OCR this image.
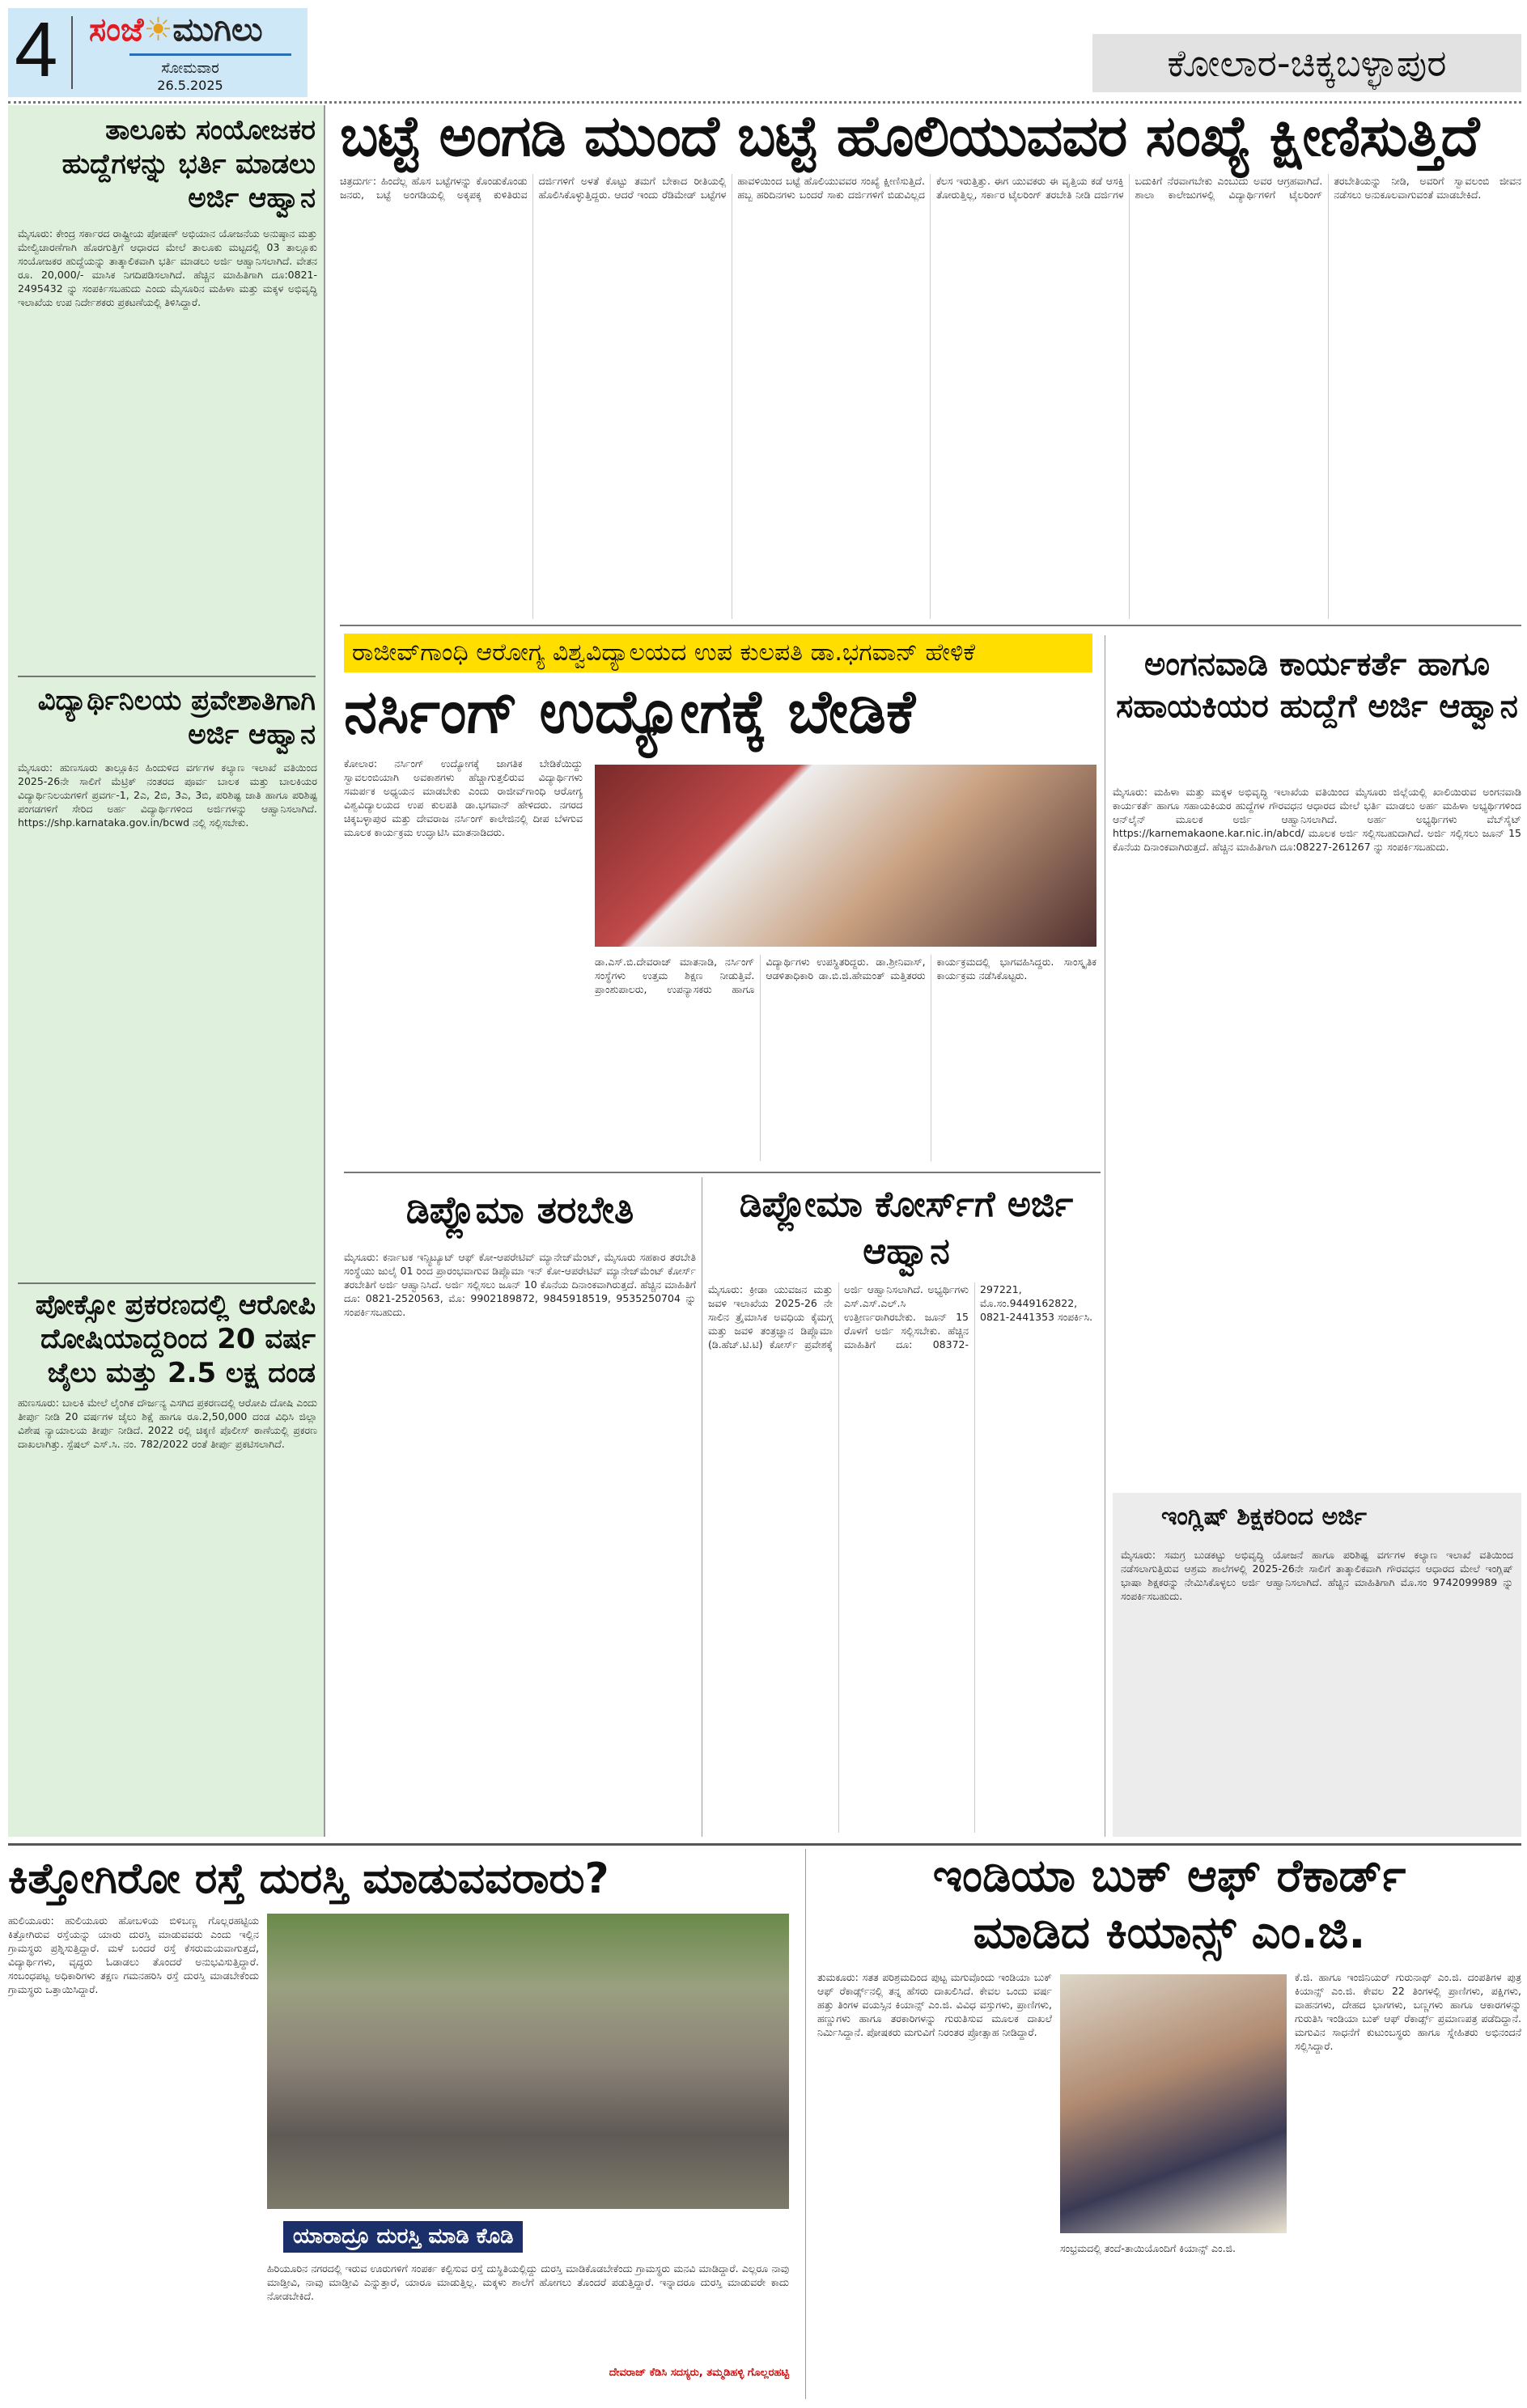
4 ಸಂಜೆ☀ಮುಗಿಲು
ಸೋಮವಾರ
26.5.2025
ಕೋಲಾರ-ಚಿಕ್ಕಬಳ್ಳಾಪುರ
ತಾಲೂಕು ಸಂಯೋಜಕರ ಹುದ್ದೆಗಳನ್ನು ಭರ್ತಿ ಮಾಡಲು ಅರ್ಜಿ ಆಹ್ವಾನ
ಮೈಸೂರು: ಕೇಂದ್ರ ಸರ್ಕಾರದ ರಾಷ್ಟ್ರೀಯ ಪೋಷಣ್ ಅಭಿಯಾನ ಯೋಜನೆಯ ಅನುಷ್ಠಾನ ಮತ್ತು ಮೇಲ್ವಿಚಾರಣೆಗಾಗಿ ಹೊರಗುತ್ತಿಗೆ ಆಧಾರದ ಮೇಲೆ ತಾಲೂಕು ಮಟ್ಟದಲ್ಲಿ 03 ತಾಲ್ಲೂಕು ಸಂಯೋಜಕರ ಹುದ್ದೆಯನ್ನು ತಾತ್ಕಾಲಿಕವಾಗಿ ಭರ್ತಿ ಮಾಡಲು ಅರ್ಜಿ ಆಹ್ವಾನಿಸಲಾಗಿದೆ. ವೇತನ ರೂ. 20,000/- ಮಾಸಿಕ ನಿಗದಿಪಡಿಸಲಾಗಿದೆ. ಹೆಚ್ಚಿನ ಮಾಹಿತಿಗಾಗಿ ದೂ:0821-2495432 ನ್ನು ಸಂಪರ್ಕಿಸಬಹುದು ಎಂದು ಮೈಸೂರಿನ ಮಹಿಳಾ ಮತ್ತು ಮಕ್ಕಳ ಅಭಿವೃದ್ಧಿ ಇಲಾಖೆಯ ಉಪ ನಿರ್ದೇಶಕರು ಪ್ರಕಟಣೆಯಲ್ಲಿ ತಿಳಿಸಿದ್ದಾರೆ.
ವಿದ್ಯಾರ್ಥಿನಿಲಯ ಪ್ರವೇಶಾತಿಗಾಗಿ ಅರ್ಜಿ ಆಹ್ವಾನ
ಮೈಸೂರು: ಹುಣಸೂರು ತಾಲ್ಲೂಕಿನ ಹಿಂದುಳಿದ ವರ್ಗಗಳ ಕಲ್ಯಾಣ ಇಲಾಖೆ ವತಿಯಿಂದ 2025-26ನೇ ಸಾಲಿಗೆ ಮೆಟ್ರಿಕ್ ನಂತರದ ಪೂರ್ವ ಬಾಲಕ ಮತ್ತು ಬಾಲಕಿಯರ ವಿದ್ಯಾರ್ಥಿನಿಲಯಗಳಿಗೆ ಪ್ರವರ್ಗ-1, 2ಎ, 2ಬಿ, 3ಎ, 3ಬಿ, ಪರಿಶಿಷ್ಟ ಜಾತಿ ಹಾಗೂ ಪರಿಶಿಷ್ಟ ಪಂಗಡಗಳಿಗೆ ಸೇರಿದ ಅರ್ಹ ವಿದ್ಯಾರ್ಥಿಗಳಿಂದ ಅರ್ಜಿಗಳನ್ನು ಆಹ್ವಾನಿಸಲಾಗಿದೆ. https://shp.karnataka.gov.in/bcwd ನಲ್ಲಿ ಸಲ್ಲಿಸಬೇಕು.
ಪೋಕ್ಸೋ ಪ್ರಕರಣದಲ್ಲಿ ಆರೋಪಿ ದೋಷಿಯಾದ್ದರಿಂದ 20 ವರ್ಷ ಜೈಲು ಮತ್ತು 2.5 ಲಕ್ಷ ದಂಡ
ಹುಣಸೂರು: ಬಾಲಕಿ ಮೇಲೆ ಲೈಂಗಿಕ ದೌರ್ಜನ್ಯ ಎಸಗಿದ ಪ್ರಕರಣದಲ್ಲಿ ಆರೋಪಿ ದೋಷಿ ಎಂದು ತೀರ್ಪು ನೀಡಿ 20 ವರ್ಷಗಳ ಜೈಲು ಶಿಕ್ಷೆ ಹಾಗೂ ರೂ.2,50,000 ದಂಡ ವಿಧಿಸಿ ಜಿಲ್ಲಾ ವಿಶೇಷ ನ್ಯಾಯಾಲಯ ತೀರ್ಪು ನೀಡಿದೆ. 2022 ರಲ್ಲಿ ಚಿಕ್ಕಣಿ ಪೊಲೀಸ್ ಠಾಣೆಯಲ್ಲಿ ಪ್ರಕರಣ ದಾಖಲಾಗಿತ್ತು. ಸ್ಪೆಷಲ್ ಎಸ್.ಸಿ. ನಂ. 782/2022 ರಂತೆ ತೀರ್ಪು ಪ್ರಕಟಿಸಲಾಗಿದೆ.
ಬಟ್ಟೆ ಅಂಗಡಿ ಮುಂದೆ ಬಟ್ಟೆ ಹೊಲಿಯುವವರ ಸಂಖ್ಯೆ ಕ್ಷೀಣಿಸುತ್ತಿದೆ
ಚಿತ್ರದುರ್ಗ: ಹಿಂದೆಲ್ಲ ಹೊಸ ಬಟ್ಟೆಗಳನ್ನು ಕೊಂಡುಕೊಂಡು ಜನರು, ಬಟ್ಟೆ ಅಂಗಡಿಯಲ್ಲಿ ಅಕ್ಕಪಕ್ಕ ಕುಳಿತಿರುವ ದರ್ಜಿಗಳಿಗೆ ಅಳತೆ ಕೊಟ್ಟು ತಮಗೆ ಬೇಕಾದ ರೀತಿಯಲ್ಲಿ ಹೊಲಿಸಿಕೊಳ್ಳುತ್ತಿದ್ದರು. ಆದರೆ ಇಂದು ರೆಡಿಮೇಡ್ ಬಟ್ಟೆಗಳ ಹಾವಳಿಯಿಂದ ಬಟ್ಟೆ ಹೊಲಿಯುವವರ ಸಂಖ್ಯೆ ಕ್ಷೀಣಿಸುತ್ತಿದೆ. ಹಬ್ಬ ಹರಿದಿನಗಳು ಬಂದರೆ ಸಾಕು ದರ್ಜಿಗಳಿಗೆ ಬಿಡುವಿಲ್ಲದ ಕೆಲಸ ಇರುತ್ತಿತ್ತು. ಈಗ ಯುವಕರು ಈ ವೃತ್ತಿಯ ಕಡೆ ಆಸಕ್ತಿ ತೋರುತ್ತಿಲ್ಲ, ಸರ್ಕಾರ ಟೈಲರಿಂಗ್ ತರಬೇತಿ ನೀಡಿ ದರ್ಜಿಗಳ ಬದುಕಿಗೆ ನೆರವಾಗಬೇಕು ಎಂಬುದು ಅವರ ಆಗ್ರಹವಾಗಿದೆ. ಶಾಲಾ ಕಾಲೇಜುಗಳಲ್ಲಿ ವಿದ್ಯಾರ್ಥಿಗಳಿಗೆ ಟೈಲರಿಂಗ್ ತರಬೇತಿಯನ್ನು ನೀಡಿ, ಅವರಿಗೆ ಸ್ವಾವಲಂಬಿ ಜೀವನ ನಡೆಸಲು ಅನುಕೂಲವಾಗುವಂತೆ ಮಾಡಬೇಕಿದೆ.
ರಾಜೀವ್‌ಗಾಂಧಿ ಆರೋಗ್ಯ ವಿಶ್ವವಿದ್ಯಾಲಯದ ಉಪ ಕುಲಪತಿ ಡಾ.ಭಗವಾನ್ ಹೇಳಿಕೆ
ನರ್ಸಿಂಗ್ ಉದ್ಯೋಗಕ್ಕೆ ಬೇಡಿಕೆ
ಕೋಲಾರ: ನರ್ಸಿಂಗ್ ಉದ್ಯೋಗಕ್ಕೆ ಜಾಗತಿಕ ಬೇಡಿಕೆಯಿದ್ದು ಸ್ವಾವಲಂಬಿಯಾಗಿ ಅವಕಾಶಗಳು ಹೆಚ್ಚಾಗುತ್ತಲಿರುವ ವಿದ್ಯಾರ್ಥಿಗಳು ಸಮರ್ಪಕ ಅಧ್ಯಯನ ಮಾಡಬೇಕು ಎಂದು ರಾಜೀವ್‌ಗಾಂಧಿ ಆರೋಗ್ಯ ವಿಶ್ವವಿದ್ಯಾಲಯದ ಉಪ ಕುಲಪತಿ ಡಾ.ಭಗವಾನ್ ಹೇಳಿದರು. ನಗರದ ಚಿಕ್ಕಬಳ್ಳಾಪುರ ಮತ್ತು ದೇವರಾಜ ನರ್ಸಿಂಗ್ ಕಾಲೇಜಿನಲ್ಲಿ ದೀಪ ಬೆಳಗುವ ಮೂಲಕ ಕಾರ್ಯಕ್ರಮ ಉದ್ಘಾಟಿಸಿ ಮಾತನಾಡಿದರು.
ಡಾ.ಎಸ್.ಬಿ.ದೇವರಾಜ್ ಮಾತನಾಡಿ, ನರ್ಸಿಂಗ್ ಸಂಸ್ಥೆಗಳು ಉತ್ತಮ ಶಿಕ್ಷಣ ನೀಡುತ್ತಿವೆ. ಪ್ರಾಂಶುಪಾಲರು, ಉಪನ್ಯಾಸಕರು ಹಾಗೂ ವಿದ್ಯಾರ್ಥಿಗಳು ಉಪಸ್ಥಿತರಿದ್ದರು. ಡಾ.ಶ್ರೀನಿವಾಸ್, ಆಡಳಿತಾಧಿಕಾರಿ ಡಾ.ಬಿ.ಜಿ.ಹೇಮಂತ್ ಮತ್ತಿತರರು ಕಾರ್ಯಕ್ರಮದಲ್ಲಿ ಭಾಗವಹಿಸಿದ್ದರು. ಸಾಂಸ್ಕೃತಿಕ ಕಾರ್ಯಕ್ರಮ ನಡೆಸಿಕೊಟ್ಟರು.
ಅಂಗನವಾಡಿ ಕಾರ್ಯಕರ್ತೆ ಹಾಗೂ ಸಹಾಯಕಿಯರ ಹುದ್ದೆಗೆ ಅರ್ಜಿ ಆಹ್ವಾನ
ಮೈಸೂರು: ಮಹಿಳಾ ಮತ್ತು ಮಕ್ಕಳ ಅಭಿವೃದ್ಧಿ ಇಲಾಖೆಯ ವತಿಯಿಂದ ಮೈಸೂರು ಜಿಲ್ಲೆಯಲ್ಲಿ ಖಾಲಿಯಿರುವ ಅಂಗನವಾಡಿ ಕಾರ್ಯಕರ್ತೆ ಹಾಗೂ ಸಹಾಯಕಿಯರ ಹುದ್ದೆಗಳ ಗೌರವಧನ ಆಧಾರದ ಮೇಲೆ ಭರ್ತಿ ಮಾಡಲು ಅರ್ಹ ಮಹಿಳಾ ಅಭ್ಯರ್ಥಿಗಳಿಂದ ಆನ್‌ಲೈನ್ ಮೂಲಕ ಅರ್ಜಿ ಆಹ್ವಾನಿಸಲಾಗಿದೆ. ಅರ್ಹ ಅಭ್ಯರ್ಥಿಗಳು ವೆಬ್‌ಸೈಟ್ https://karnemakaone.kar.nic.in/abcd/ ಮೂಲಕ ಅರ್ಜಿ ಸಲ್ಲಿಸಬಹುದಾಗಿದೆ. ಅರ್ಜಿ ಸಲ್ಲಿಸಲು ಜೂನ್ 15 ಕೊನೆಯ ದಿನಾಂಕವಾಗಿರುತ್ತದೆ. ಹೆಚ್ಚಿನ ಮಾಹಿತಿಗಾಗಿ ದೂ:08227-261267 ನ್ನು ಸಂಪರ್ಕಿಸಬಹುದು.
ಇಂಗ್ಲಿಷ್ ಶಿಕ್ಷಕರಿಂದ ಅರ್ಜಿ
ಮೈಸೂರು: ಸಮಗ್ರ ಬುಡಕಟ್ಟು ಅಭಿವೃದ್ಧಿ ಯೋಜನೆ ಹಾಗೂ ಪರಿಶಿಷ್ಟ ವರ್ಗಗಳ ಕಲ್ಯಾಣ ಇಲಾಖೆ ವತಿಯಿಂದ ನಡೆಸಲಾಗುತ್ತಿರುವ ಆಶ್ರಮ ಶಾಲೆಗಳಲ್ಲಿ 2025-26ನೇ ಸಾಲಿಗೆ ತಾತ್ಕಾಲಿಕವಾಗಿ ಗೌರವಧನ ಆಧಾರದ ಮೇಲೆ ಇಂಗ್ಲಿಷ್ ಭಾಷಾ ಶಿಕ್ಷಕರನ್ನು ನೇಮಿಸಿಕೊಳ್ಳಲು ಅರ್ಜಿ ಆಹ್ವಾನಿಸಲಾಗಿದೆ. ಹೆಚ್ಚಿನ ಮಾಹಿತಿಗಾಗಿ ಮೊ.ಸಂ 9742099989 ನ್ನು ಸಂಪರ್ಕಿಸಬಹುದು.
ಡಿಪ್ಲೊಮಾ ತರಬೇತಿ
ಮೈಸೂರು: ಕರ್ನಾಟಕ ಇನ್ಸ್ಟಿಟ್ಯೂಟ್ ಆಫ್ ಕೋ-ಆಪರೇಟಿವ್ ಮ್ಯಾನೇಜ್‌ಮೆಂಟ್, ಮೈಸೂರು ಸಹಕಾರ ತರಬೇತಿ ಸಂಸ್ಥೆಯು ಜುಲೈ 01 ರಿಂದ ಪ್ರಾರಂಭವಾಗುವ ಡಿಪ್ಲೊಮಾ ಇನ್ ಕೋ-ಆಪರೇಟಿವ್ ಮ್ಯಾನೇಜ್‌ಮೆಂಟ್ ಕೋರ್ಸ್ ತರಬೇತಿಗೆ ಅರ್ಜಿ ಆಹ್ವಾನಿಸಿದೆ. ಅರ್ಜಿ ಸಲ್ಲಿಸಲು ಜೂನ್ 10 ಕೊನೆಯ ದಿನಾಂಕವಾಗಿರುತ್ತದೆ. ಹೆಚ್ಚಿನ ಮಾಹಿತಿಗೆ ದೂ: 0821-2520563, ಮೊ: 9902189872, 9845918519, 9535250704 ನ್ನು ಸಂಪರ್ಕಿಸಬಹುದು.
ಡಿಪ್ಲೋಮಾ ಕೋರ್ಸ್‌ಗೆ ಅರ್ಜಿ ಆಹ್ವಾನ
ಮೈಸೂರು: ಕ್ರೀಡಾ ಯುವಜನ ಮತ್ತು ಜವಳಿ ಇಲಾಖೆಯ 2025-26 ನೇ ಸಾಲಿನ ತ್ರೈಮಾಸಿಕ ಅವಧಿಯ ಕೈಮಗ್ಗ ಮತ್ತು ಜವಳಿ ತಂತ್ರಜ್ಞಾನ ಡಿಪ್ಲೊಮಾ (ಡಿ.ಹೆಚ್.ಟಿ.ಟಿ) ಕೋರ್ಸ್ ಪ್ರವೇಶಕ್ಕೆ ಅರ್ಜಿ ಆಹ್ವಾನಿಸಲಾಗಿದೆ. ಅಭ್ಯರ್ಥಿಗಳು ಎಸ್.ಎಸ್.ಎಲ್.ಸಿ ಉತ್ತೀರ್ಣರಾಗಿರಬೇಕು. ಜೂನ್ 15 ರೊಳಗೆ ಅರ್ಜಿ ಸಲ್ಲಿಸಬೇಕು. ಹೆಚ್ಚಿನ ಮಾಹಿತಿಗೆ ದೂ: 08372-297221, ಮೊ.ಸಂ.9449162822, 0821-2441353 ಸಂಪರ್ಕಿಸಿ.
ಕಿತ್ತೋಗಿರೋ ರಸ್ತೆ ದುರಸ್ತಿ ಮಾಡುವವರಾರು?
ಹುಲಿಯೂರು: ಹುಲಿಯೂರು ಹೋಬಳಿಯ ಬಿಳಿಬಣ್ಣ ಗೊಲ್ಲರಹಟ್ಟಿಯ ಕಿತ್ತೋಗಿರುವ ರಸ್ತೆಯನ್ನು ಯಾರು ದುರಸ್ತಿ ಮಾಡುವವರು ಎಂದು ಇಲ್ಲಿನ ಗ್ರಾಮಸ್ಥರು ಪ್ರಶ್ನಿಸುತ್ತಿದ್ದಾರೆ. ಮಳೆ ಬಂದರೆ ರಸ್ತೆ ಕೆಸರುಮಯವಾಗುತ್ತದೆ, ವಿದ್ಯಾರ್ಥಿಗಳು, ವೃದ್ಧರು ಓಡಾಡಲು ತೊಂದರೆ ಅನುಭವಿಸುತ್ತಿದ್ದಾರೆ. ಸಂಬಂಧಪಟ್ಟ ಅಧಿಕಾರಿಗಳು ತಕ್ಷಣ ಗಮನಹರಿಸಿ ರಸ್ತೆ ದುರಸ್ತಿ ಮಾಡಬೇಕೆಂದು ಗ್ರಾಮಸ್ಥರು ಒತ್ತಾಯಿಸಿದ್ದಾರೆ.
ಯಾರಾದ್ರೂ ದುರಸ್ತಿ ಮಾಡಿ ಕೊಡಿ
ಹಿರಿಯೂರಿನ ನಗರದಲ್ಲಿ ಇರುವ ಊರುಗಳಿಗೆ ಸಂಪರ್ಕ ಕಲ್ಪಿಸುವ ರಸ್ತೆ ದುಸ್ಥಿತಿಯಲ್ಲಿದ್ದು ದುರಸ್ತಿ ಮಾಡಿಕೊಡಬೇಕೆಂದು ಗ್ರಾಮಸ್ಥರು ಮನವಿ ಮಾಡಿದ್ದಾರೆ. ಎಲ್ಲರೂ ನಾವು ಮಾಡ್ತೀವಿ, ನಾವು ಮಾಡ್ತೀವಿ ಎನ್ನುತ್ತಾರೆ, ಯಾರೂ ಮಾಡುತ್ತಿಲ್ಲ. ಮಕ್ಕಳು ಶಾಲೆಗೆ ಹೋಗಲು ತೊಂದರೆ ಪಡುತ್ತಿದ್ದಾರೆ. ಇನ್ನಾದರೂ ದುರಸ್ತಿ ಮಾಡುವರೇ ಕಾದು ನೋಡಬೇಕಿದೆ.
ದೇವರಾಜ್ ಕೆಡಿಸಿ ಸದಸ್ಯರು, ತಮ್ಮಡಿಹಳ್ಳಿ ಗೊಲ್ಲರಹಟ್ಟಿ
ಇಂಡಿಯಾ ಬುಕ್ ಆಫ್ ರೆಕಾರ್ಡ್
ಮಾಡಿದ ಕಿಯಾನ್ಸ್ ಎಂ.ಜಿ.
ತುಮಕೂರು: ಸತತ ಪರಿಶ್ರಮದಿಂದ ಪುಟ್ಟ ಮಗುವೊಂದು ಇಂಡಿಯಾ ಬುಕ್ ಆಫ್ ರೆಕಾರ್ಡ್ಸ್‌ನಲ್ಲಿ ತನ್ನ ಹೆಸರು ದಾಖಲಿಸಿದೆ. ಕೇವಲ ಒಂದು ವರ್ಷ ಹತ್ತು ತಿಂಗಳ ವಯಸ್ಸಿನ ಕಿಯಾನ್ಸ್ ಎಂ.ಜಿ. ವಿವಿಧ ವಸ್ತುಗಳು, ಪ್ರಾಣಿಗಳು, ಹಣ್ಣುಗಳು ಹಾಗೂ ತರಕಾರಿಗಳನ್ನು ಗುರುತಿಸುವ ಮೂಲಕ ದಾಖಲೆ ನಿರ್ಮಿಸಿದ್ದಾನೆ. ಪೋಷಕರು ಮಗುವಿಗೆ ನಿರಂತರ ಪ್ರೋತ್ಸಾಹ ನೀಡಿದ್ದಾರೆ.
ಸಂಭ್ರಮದಲ್ಲಿ ತಂದೆ-ತಾಯಿಯೊಂದಿಗೆ ಕಿಯಾನ್ಸ್ ಎಂ.ಜಿ.
ಕೆ.ಜಿ. ಹಾಗೂ ಇಂಜಿನಿಯರ್ ಗುರುನಾಥ್ ಎಂ.ಜಿ. ದಂಪತಿಗಳ ಪುತ್ರ ಕಿಯಾನ್ಸ್ ಎಂ.ಜಿ. ಕೇವಲ 22 ತಿಂಗಳಲ್ಲಿ ಪ್ರಾಣಿಗಳು, ಪಕ್ಷಿಗಳು, ವಾಹನಗಳು, ದೇಹದ ಭಾಗಗಳು, ಬಣ್ಣಗಳು ಹಾಗೂ ಆಕಾರಗಳನ್ನು ಗುರುತಿಸಿ ಇಂಡಿಯಾ ಬುಕ್ ಆಫ್ ರೆಕಾರ್ಡ್ಸ್ ಪ್ರಮಾಣಪತ್ರ ಪಡೆದಿದ್ದಾನೆ. ಮಗುವಿನ ಸಾಧನೆಗೆ ಕುಟುಂಬಸ್ಥರು ಹಾಗೂ ಸ್ನೇಹಿತರು ಅಭಿನಂದನೆ ಸಲ್ಲಿಸಿದ್ದಾರೆ.
